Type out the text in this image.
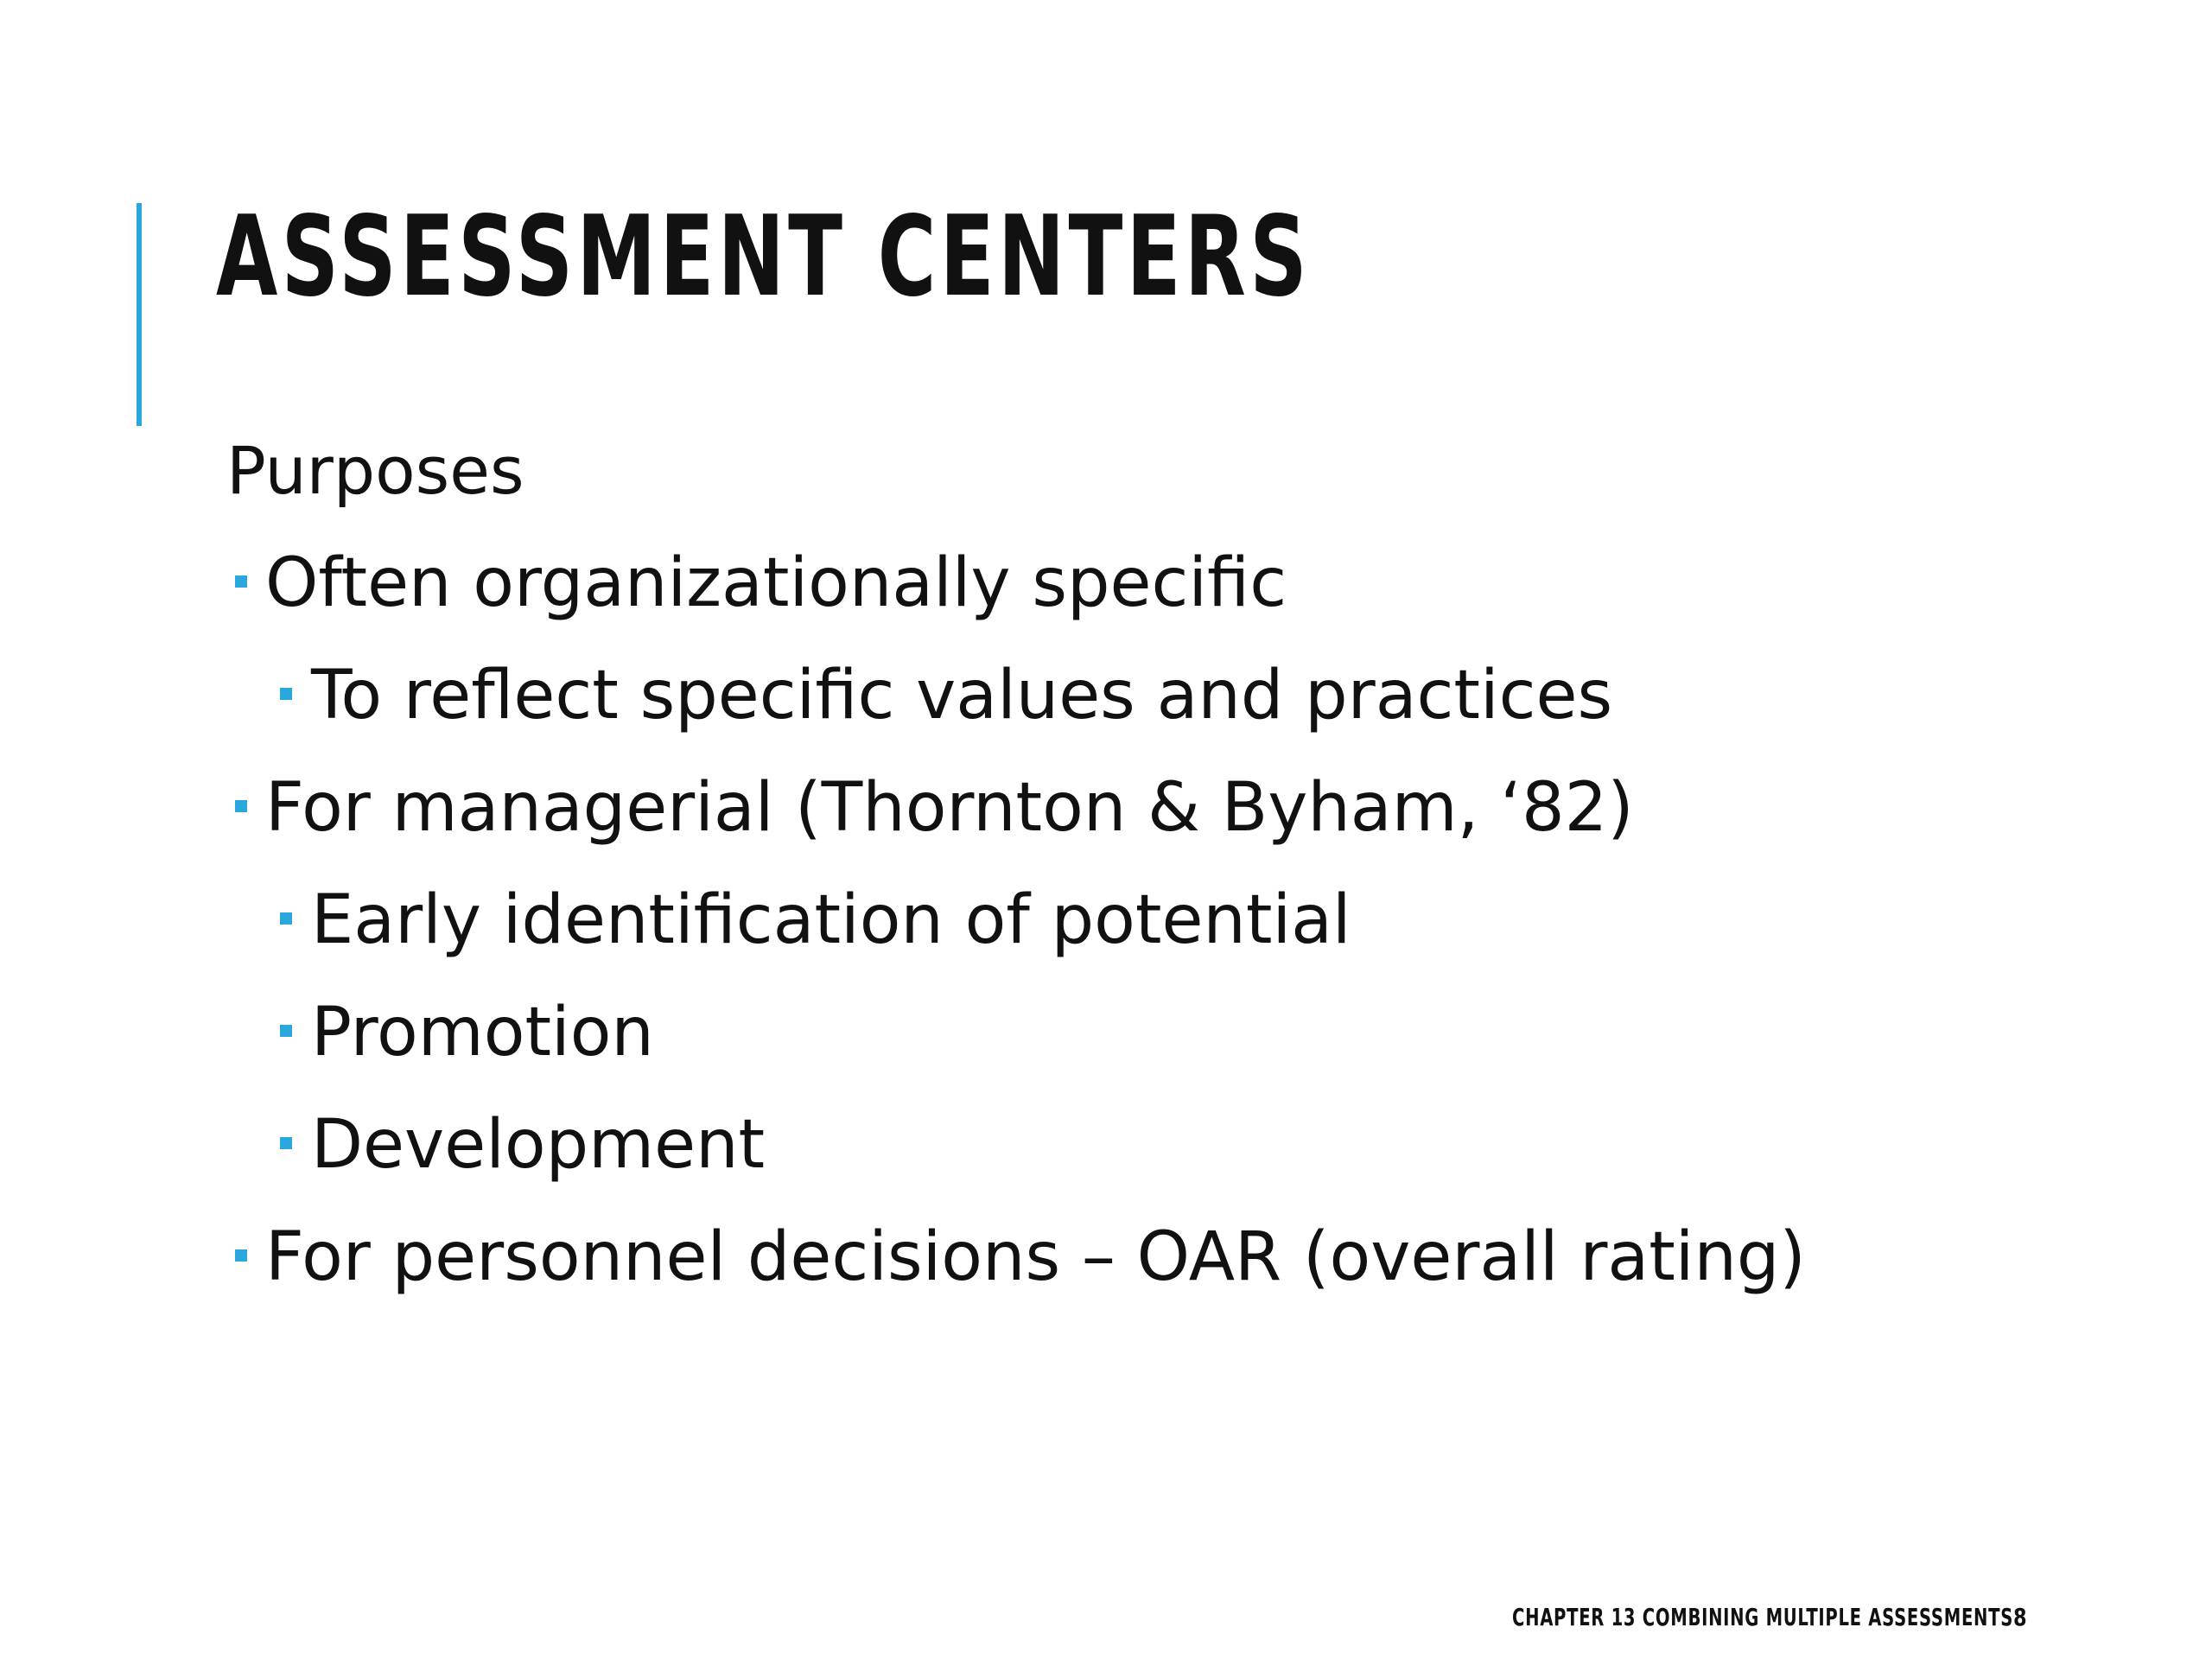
ASSESSMENT CENTERS
Purposes
Often organizationally specific
To reflect specific values and practices
For managerial (Thornton & Byham, ‘82)
Early identification of potential
Promotion
Development
For personnel decisions – OAR (overall rating)
CHAPTER 13 COMBINING MULTIPLE ASSESSMENTS 8
